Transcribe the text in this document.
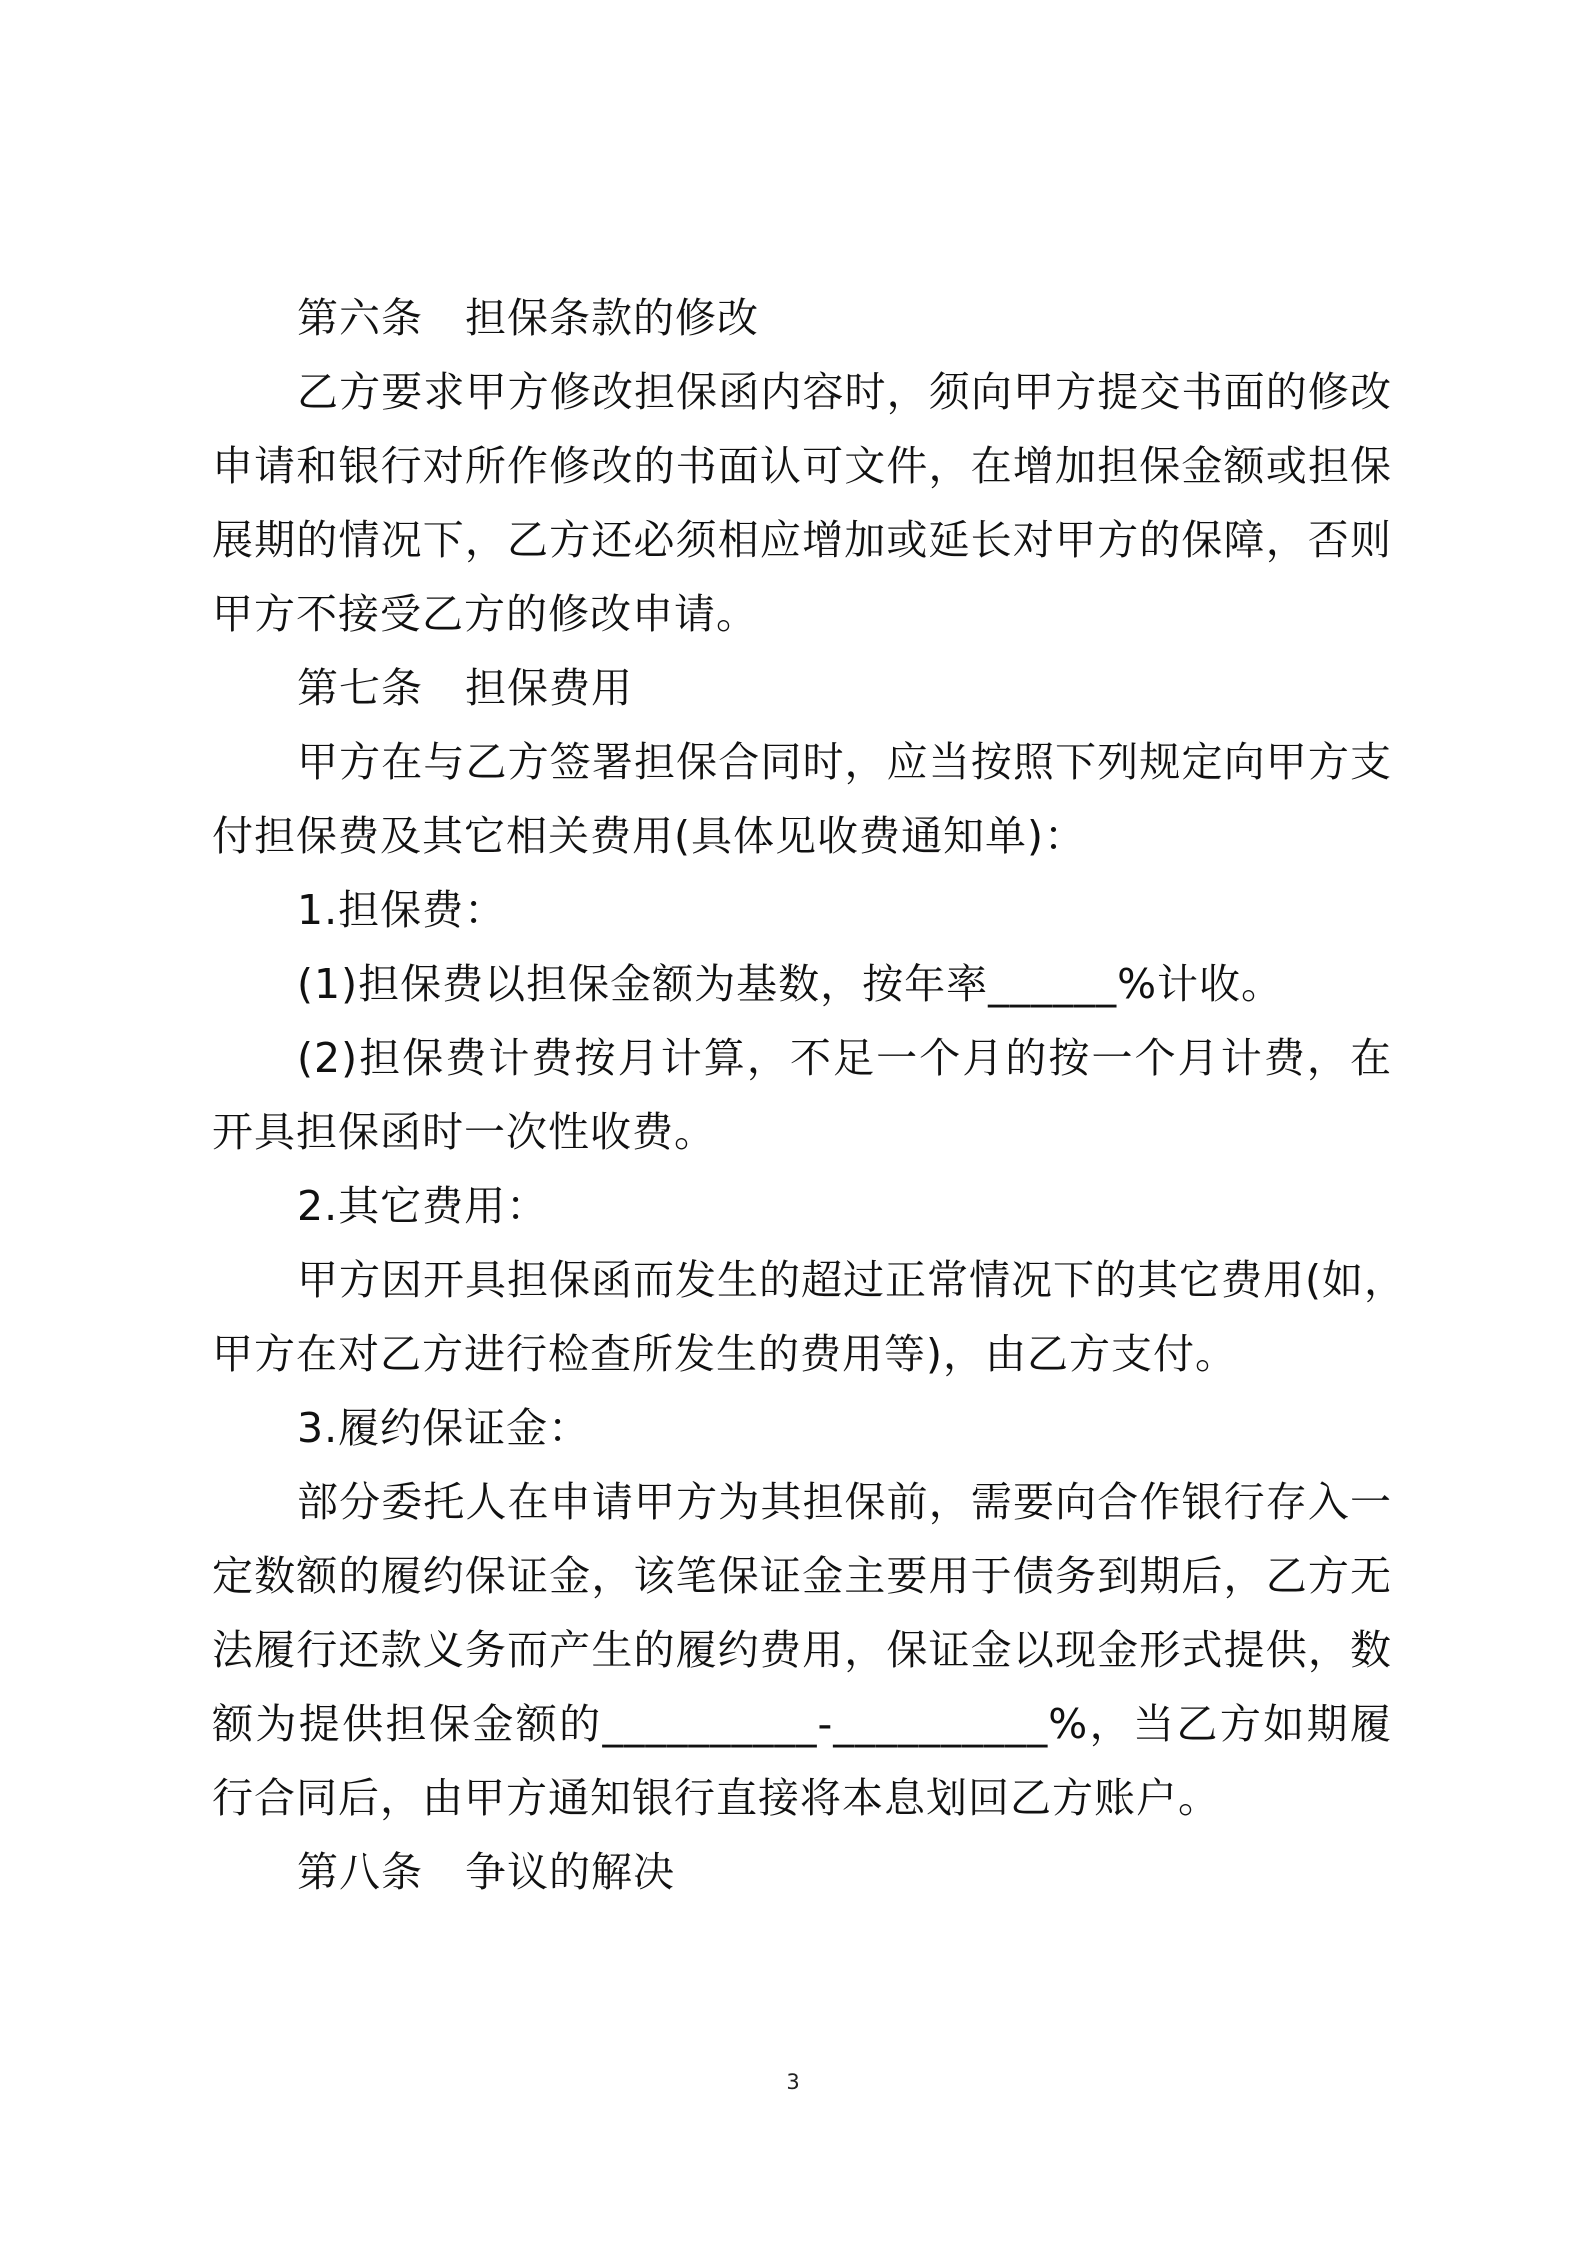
第六条　担保条款的修改
乙方要求甲方修改担保函内容时，须向甲方提交书面的修改
申请和银行对所作修改的书面认可文件，在增加担保金额或担保
展期的情况下，乙方还必须相应增加或延长对甲方的保障，否则
甲方不接受乙方的修改申请。
第七条　担保费用
甲方在与乙方签署担保合同时，应当按照下列规定向甲方支
付担保费及其它相关费用(具体见收费通知单)：
1.担保费：
(1)担保费以担保金额为基数，按年率______%计收。
(2)担保费计费按月计算，不足一个月的按一个月计费，在
开具担保函时一次性收费。
2.其它费用：
甲方因开具担保函而发生的超过正常情况下的其它费用(如，
甲方在对乙方进行检查所发生的费用等)，由乙方支付。
3.履约保证金：
部分委托人在申请甲方为其担保前，需要向合作银行存入一
定数额的履约保证金，该笔保证金主要用于债务到期后，乙方无
法履行还款义务而产生的履约费用，保证金以现金形式提供，数
额为提供担保金额的__________-__________%，当乙方如期履
行合同后，由甲方通知银行直接将本息划回乙方账户。
第八条　争议的解决
3
